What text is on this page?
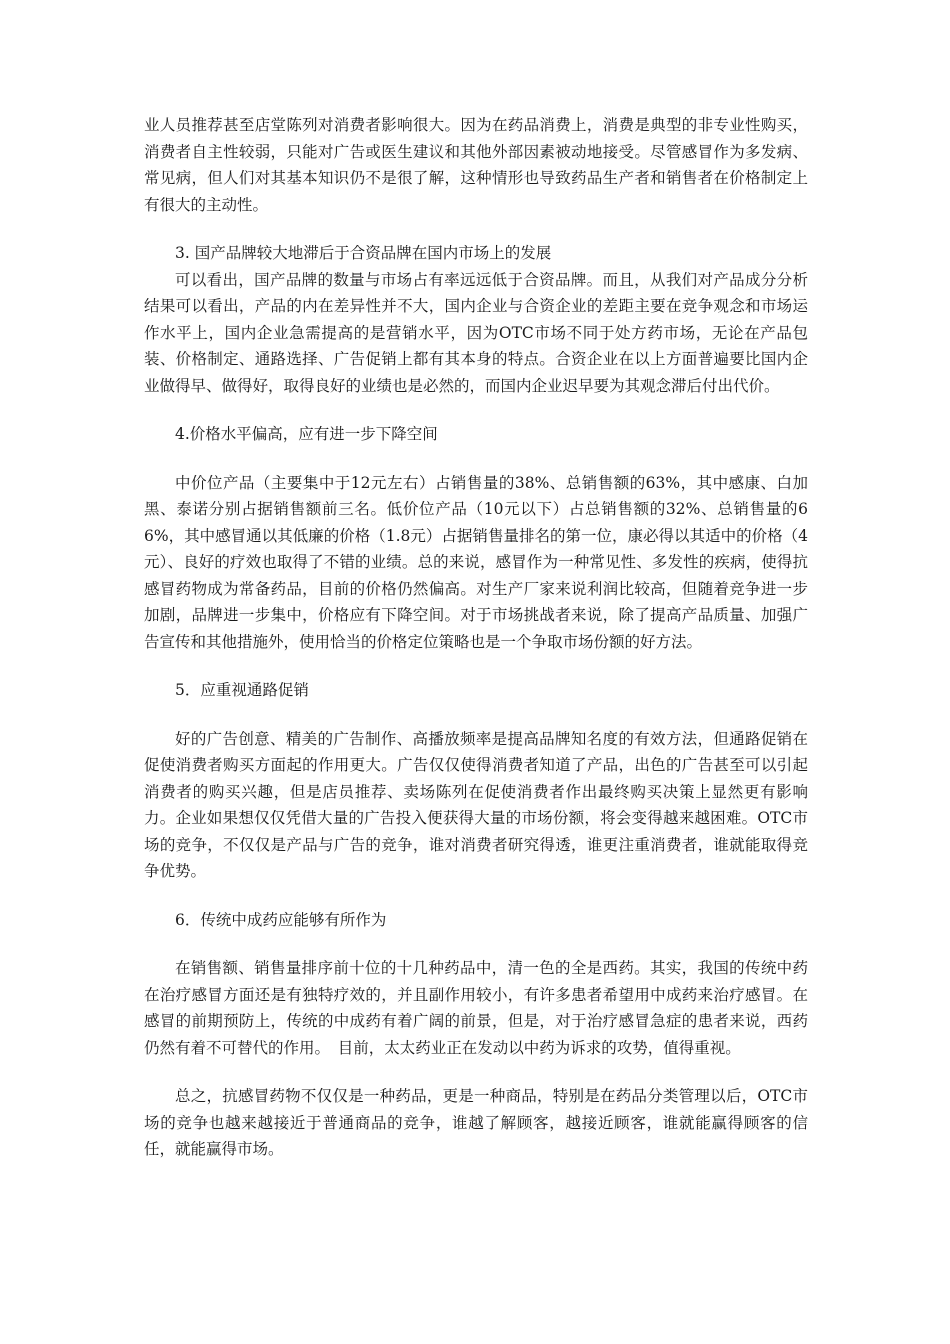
业人员推荐甚至店堂陈列对消费者影响很大。因为在药品消费上，消费是典型的非专业性购买，消费者自主性较弱，只能对广告或医生建议和其他外部因素被动地接受。尽管感冒作为多发病、常见病，但人们对其基本知识仍不是很了解，这种情形也导致药品生产者和销售者在价格制定上有很大的主动性。

3. 国产品牌较大地滞后于合资品牌在国内市场上的发展

可以看出，国产品牌的数量与市场占有率远远低于合资品牌。而且，从我们对产品成分分析结果可以看出，产品的内在差异性并不大，国内企业与合资企业的差距主要在竞争观念和市场运作水平上，国内企业急需提高的是营销水平，因为OTC市场不同于处方药市场，无论在产品包装、价格制定、通路选择、广告促销上都有其本身的特点。合资企业在以上方面普遍要比国内企业做得早、做得好，取得良好的业绩也是必然的，而国内企业迟早要为其观念滞后付出代价。

4.价格水平偏高，应有进一步下降空间

中价位产品（主要集中于12元左右）占销售量的38%、总销售额的63%，其中感康、白加黑、泰诺分别占据销售额前三名。低价位产品（10元以下）占总销售额的32%、总销售量的66%，其中感冒通以其低廉的价格（1.8元）占据销售量排名的第一位，康必得以其适中的价格（4 元）、良好的疗效也取得了不错的业绩。总的来说，感冒作为一种常见性、多发性的疾病，使得抗感冒药物成为常备药品，目前的价格仍然偏高。对生产厂家来说利润比较高，但随着竞争进一步加剧，品牌进一步集中，价格应有下降空间。对于市场挑战者来说，除了提高产品质量、加强广告宣传和其他措施外，使用恰当的价格定位策略也是一个争取市场份额的好方法。

5．应重视通路促销

好的广告创意、精美的广告制作、高播放频率是提高品牌知名度的有效方法，但通路促销在促使消费者购买方面起的作用更大。广告仅仅使得消费者知道了产品，出色的广告甚至可以引起消费者的购买兴趣，但是店员推荐、卖场陈列在促使消费者作出最终购买决策上显然更有影响力。企业如果想仅仅凭借大量的广告投入便获得大量的市场份额，将会变得越来越困难。OTC市场的竞争，不仅仅是产品与广告的竞争，谁对消费者研究得透，谁更注重消费者，谁就能取得竞争优势。

6．传统中成药应能够有所作为

在销售额、销售量排序前十位的十几种药品中，清一色的全是西药。其实，我国的传统中药在治疗感冒方面还是有独特疗效的，并且副作用较小，有许多患者希望用中成药来治疗感冒。在感冒的前期预防上，传统的中成药有着广阔的前景，但是，对于治疗感冒急症的患者来说，西药仍然有着不可替代的作用。　目前，太太药业正在发动以中药为诉求的攻势，值得重视。

总之，抗感冒药物不仅仅是一种药品，更是一种商品，特别是在药品分类管理以后，OTC市场的竞争也越来越接近于普通商品的竞争，谁越了解顾客，越接近顾客，谁就能赢得顾客的信任，就能赢得市场。
